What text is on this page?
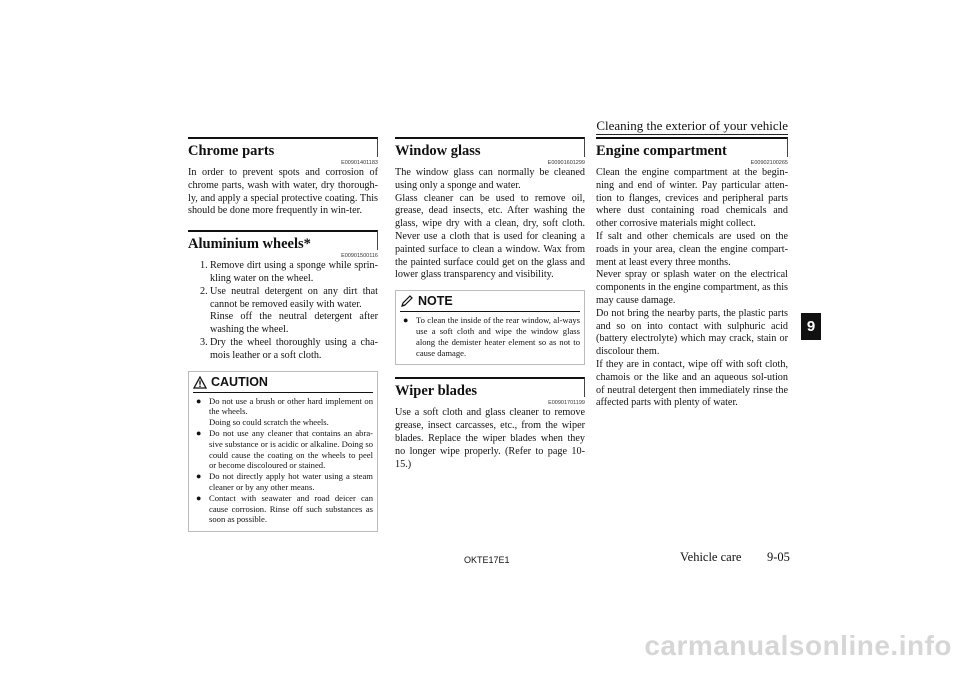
Cleaning the exterior of your vehicle
Chrome parts
E00901401183

In order to prevent spots and corrosion of chrome parts, wash with water, dry thorough-ly, and apply a special protective coating. This should be done more frequently in win-ter.

Aluminium wheels*
E00901500116
1. Remove dirt using a sponge while sprin-kling water on the wheel.
2. Use neutral detergent on any dirt that cannot be removed easily with water.
Rinse off the neutral detergent after washing the wheel.
3. Dry the wheel thoroughly using a cha-mois leather or a soft cloth.
CAUTION
● Do not use a brush or other hard implement on the wheels.
Doing so could scratch the wheels.
● Do not use any cleaner that contains an abra-sive substance or is acidic or alkaline. Doing so could cause the coating on the wheels to peel or become discoloured or stained.
● Do not directly apply hot water using a steam cleaner or by any other means.
● Contact with seawater and road deicer can cause corrosion. Rinse off such substances as soon as possible.
Window glass
E00901601299

The window glass can normally be cleaned using only a sponge and water.

Glass cleaner can be used to remove oil, grease, dead insects, etc. After washing the glass, wipe dry with a clean, dry, soft cloth. Never use a cloth that is used for cleaning a painted surface to clean a window. Wax from the painted surface could get on the glass and lower glass transparency and visibility.

NOTE
● To clean the inside of the rear window, al-ways use a soft cloth and wipe the window glass along the demister heater element so as not to cause damage.
Wiper blades
E00901701199

Use a soft cloth and glass cleaner to remove grease, insect carcasses, etc., from the wiper blades. Replace the wiper blades when they no longer wipe properly. (Refer to page 10-15.)

Engine compartment
E00902100265

Clean the engine compartment at the begin-ning and end of winter. Pay particular atten-tion to flanges, crevices and peripheral parts where dust containing road chemicals and other corrosive materials might collect.

If salt and other chemicals are used on the roads in your area, clean the engine compart-ment at least every three months.

Never spray or splash water on the electrical components in the engine compartment, as this may cause damage.

Do not bring the nearby parts, the plastic parts and so on into contact with sulphuric acid (battery electrolyte) which may crack, stain or discolour them.

If they are in contact, wipe off with soft cloth, chamois or the like and an aqueous sol-ution of neutral detergent then immediately rinse the affected parts with plenty of water.

9
OKTE17E1	Vehicle care 9-05
carmanualsonline.info
